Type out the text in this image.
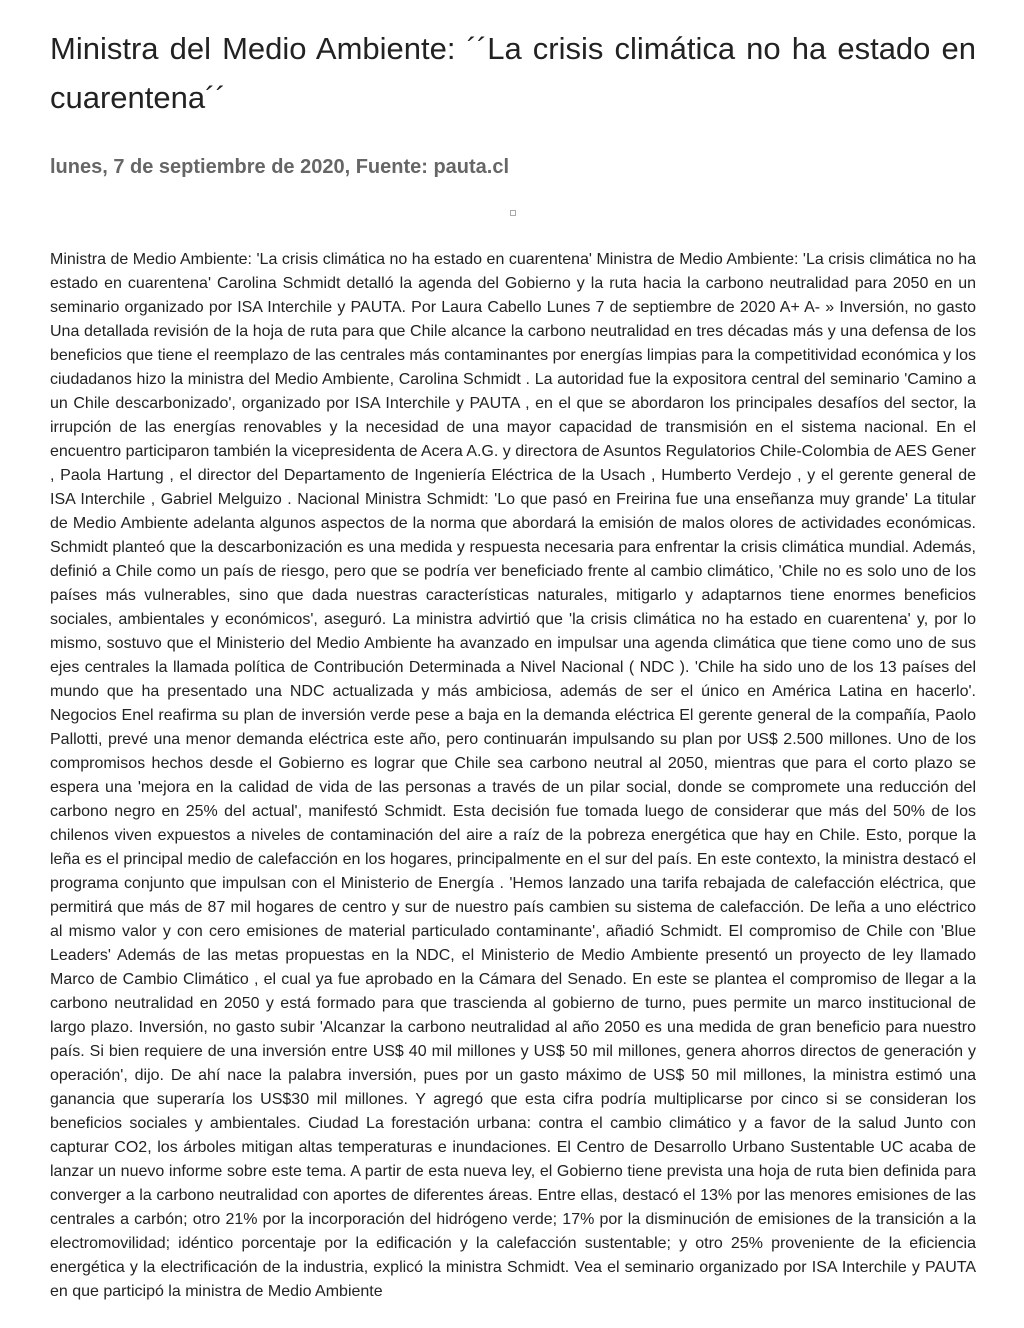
Ministra del Medio Ambiente: ´´La crisis climática no ha estado en cuarentena´´

lunes, 7 de septiembre de 2020, Fuente: pauta.cl

Ministra de Medio Ambiente: 'La crisis climática no ha estado en cuarentena' Ministra de Medio Ambiente: 'La crisis climática no ha estado en cuarentena' Carolina Schmidt detalló la agenda del Gobierno y la ruta hacia la carbono neutralidad para 2050 en un seminario organizado por ISA Interchile y PAUTA. Por Laura Cabello Lunes 7 de septiembre de 2020 A+ A- » Inversión, no gasto Una detallada revisión de la hoja de ruta para que Chile alcance la carbono neutralidad en tres décadas más y una defensa de los beneficios que tiene el reemplazo de las centrales más contaminantes por energías limpias para la competitividad económica y los ciudadanos hizo la ministra del Medio Ambiente, Carolina Schmidt . La autoridad fue la expositora central del seminario 'Camino a un Chile descarbonizado', organizado por ISA Interchile y PAUTA , en el que se abordaron los principales desafíos del sector, la irrupción de las energías renovables y la necesidad de una mayor capacidad de transmisión en el sistema nacional. En el encuentro participaron también la vicepresidenta de Acera A.G. y directora de Asuntos Regulatorios Chile-Colombia de AES Gener , Paola Hartung , el director del Departamento de Ingeniería Eléctrica de la Usach , Humberto Verdejo , y el gerente general de ISA Interchile , Gabriel Melguizo . Nacional Ministra Schmidt: 'Lo que pasó en Freirina fue una enseñanza muy grande' La titular de Medio Ambiente adelanta algunos aspectos de la norma que abordará la emisión de malos olores de actividades económicas. Schmidt planteó que la descarbonización es una medida y respuesta necesaria para enfrentar la crisis climática mundial. Además, definió a Chile como un país de riesgo, pero que se podría ver beneficiado frente al cambio climático, 'Chile no es solo uno de los países más vulnerables, sino que dada nuestras características naturales, mitigarlo y adaptarnos tiene enormes beneficios sociales, ambientales y económicos', aseguró. La ministra advirtió que 'la crisis climática no ha estado en cuarentena' y, por lo mismo, sostuvo que el Ministerio del Medio Ambiente ha avanzado en impulsar una agenda climática que tiene como uno de sus ejes centrales la llamada política de Contribución Determinada a Nivel Nacional ( NDC ). 'Chile ha sido uno de los 13 países del mundo que ha presentado una NDC actualizada y más ambiciosa, además de ser el único en América Latina en hacerlo'. Negocios Enel reafirma su plan de inversión verde pese a baja en la demanda eléctrica El gerente general de la compañía, Paolo Pallotti, prevé una menor demanda eléctrica este año, pero continuarán impulsando su plan por US$ 2.500 millones. Uno de los compromisos hechos desde el Gobierno es lograr que Chile sea carbono neutral al 2050, mientras que para el corto plazo se espera una 'mejora en la calidad de vida de las personas a través de un pilar social, donde se compromete una reducción del carbono negro en 25% del actual', manifestó Schmidt. Esta decisión fue tomada luego de considerar que más del 50% de los chilenos viven expuestos a niveles de contaminación del aire a raíz de la pobreza energética que hay en Chile. Esto, porque la leña es el principal medio de calefacción en los hogares, principalmente en el sur del país. En este contexto, la ministra destacó el programa conjunto que impulsan con el Ministerio de Energía . 'Hemos lanzado una tarifa rebajada de calefacción eléctrica, que permitirá que más de 87 mil hogares de centro y sur de nuestro país cambien su sistema de calefacción. De leña a uno eléctrico al mismo valor y con cero emisiones de material particulado contaminante', añadió Schmidt. El compromiso de Chile con 'Blue Leaders' Además de las metas propuestas en la NDC, el Ministerio de Medio Ambiente presentó un proyecto de ley llamado Marco de Cambio Climático , el cual ya fue aprobado en la Cámara del Senado. En este se plantea el compromiso de llegar a la carbono neutralidad en 2050 y está formado para que trascienda al gobierno de turno, pues permite un marco institucional de largo plazo. Inversión, no gasto subir 'Alcanzar la carbono neutralidad al año 2050 es una medida de gran beneficio para nuestro país. Si bien requiere de una inversión entre US$ 40 mil millones y US$ 50 mil millones, genera ahorros directos de generación y operación', dijo. De ahí nace la palabra inversión, pues por un gasto máximo de US$ 50 mil millones, la ministra estimó una ganancia que superaría los US$30 mil millones. Y agregó que esta cifra podría multiplicarse por cinco si se consideran los beneficios sociales y ambientales. Ciudad La forestación urbana: contra el cambio climático y a favor de la salud Junto con capturar CO2, los árboles mitigan altas temperaturas e inundaciones. El Centro de Desarrollo Urbano Sustentable UC acaba de lanzar un nuevo informe sobre este tema. A partir de esta nueva ley, el Gobierno tiene prevista una hoja de ruta bien definida para converger a la carbono neutralidad con aportes de diferentes áreas. Entre ellas, destacó el 13% por las menores emisiones de las centrales a carbón; otro 21% por la incorporación del hidrógeno verde; 17% por la disminución de emisiones de la transición a la electromovilidad; idéntico porcentaje por la edificación y la calefacción sustentable; y otro 25% proveniente de la eficiencia energética y la electrificación de la industria, explicó la ministra Schmidt. Vea el seminario organizado por ISA Interchile y PAUTA en que participó la ministra de Medio Ambiente
